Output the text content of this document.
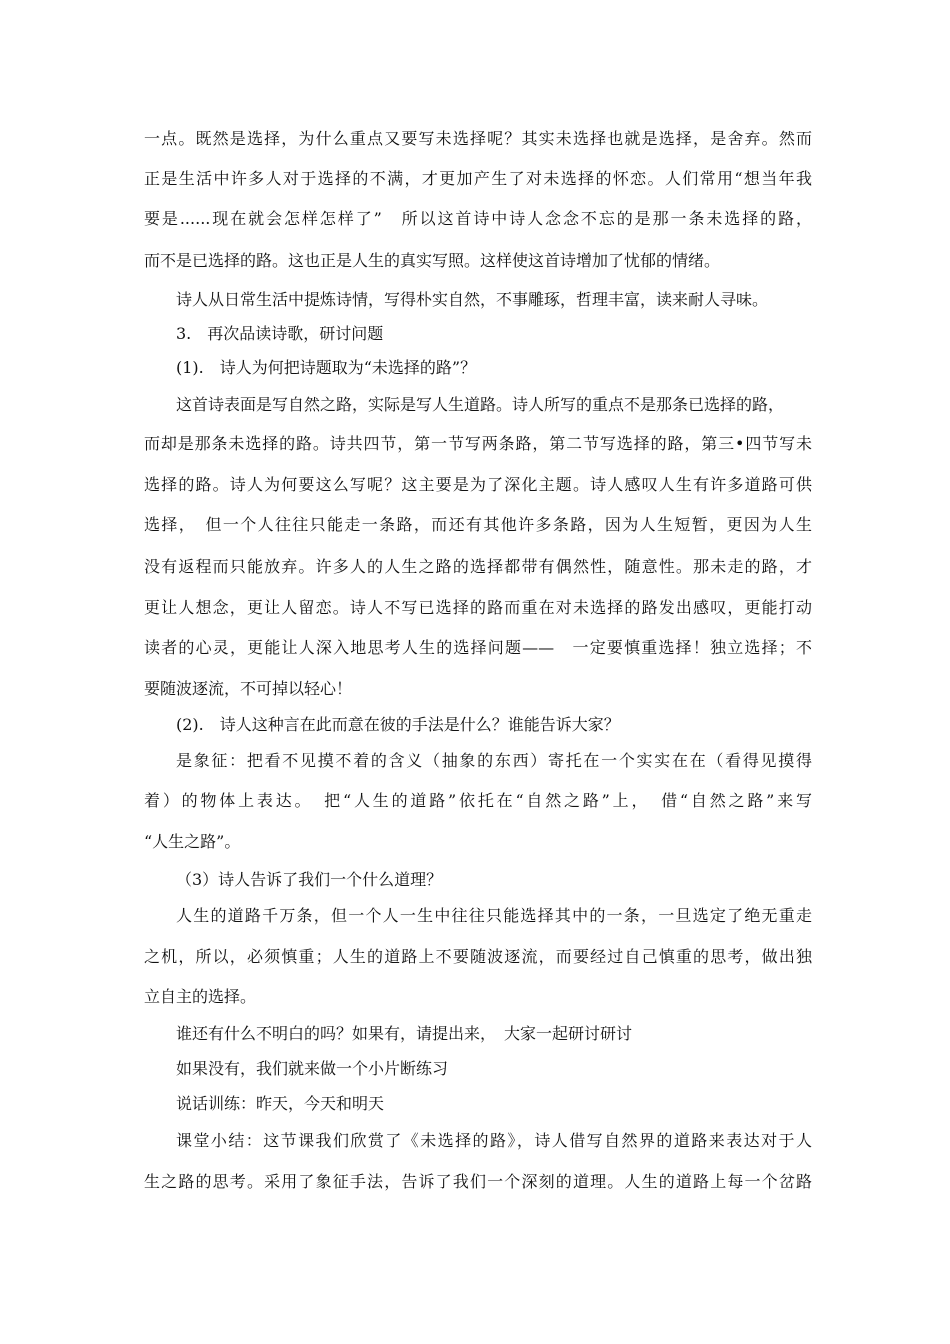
一点。既然是选择，为什么重点又要写未选择呢？其实未选择也就是选择，是舍弃。然而
正是生活中许多人对于选择的不满，才更加产生了对未选择的怀恋。人们常用“想当年我
要是......现在就会怎样怎样了”　所以这首诗中诗人念念不忘的是那一条未选择的路，
而不是已选择的路。这也正是人生的真实写照。这样使这首诗增加了忧郁的情绪。
诗人从日常生活中提炼诗情，写得朴实自然，不事雕琢，哲理丰富，读来耐人寻味。
3.　再次品读诗歌，研讨问题
(1).　诗人为何把诗题取为“未选择的路”？
这首诗表面是写自然之路，实际是写人生道路。诗人所写的重点不是那条已选择的路，
而却是那条未选择的路。诗共四节，第一节写两条路，第二节写选择的路，第三•四节写未
选择的路。诗人为何要这么写呢？这主要是为了深化主题。诗人感叹人生有许多道路可供
选择，　但一个人往往只能走一条路，而还有其他许多条路，因为人生短暂，更因为人生
没有返程而只能放弃。许多人的人生之路的选择都带有偶然性，随意性。那未走的路，才
更让人想念，更让人留恋。诗人不写已选择的路而重在对未选择的路发出感叹，更能打动
读者的心灵，更能让人深入地思考人生的选择问题——　一定要慎重选择！独立选择；不
要随波逐流，不可掉以轻心！
(2).　诗人这种言在此而意在彼的手法是什么？谁能告诉大家？
是象征：把看不见摸不着的含义（抽象的东西）寄托在一个实实在在（看得见摸得
着）的物体上表达。　把“人生的道路”依托在“自然之路”上，　借“自然之路”来写
“人生之路”。
（3）诗人告诉了我们一个什么道理？
人生的道路千万条，但一个人一生中往往只能选择其中的一条，一旦选定了绝无重走
之机，所以，必须慎重；人生的道路上不要随波逐流，而要经过自己慎重的思考，做出独
立自主的选择。
谁还有什么不明白的吗？如果有，请提出来，　大家一起研讨研讨
如果没有，我们就来做一个小片断练习
说话训练：昨天，今天和明天
课堂小结：这节课我们欣赏了《未选择的路》，诗人借写自然界的道路来表达对于人
生之路的思考。采用了象征手法，告诉了我们一个深刻的道理。人生的道路上每一个岔路
